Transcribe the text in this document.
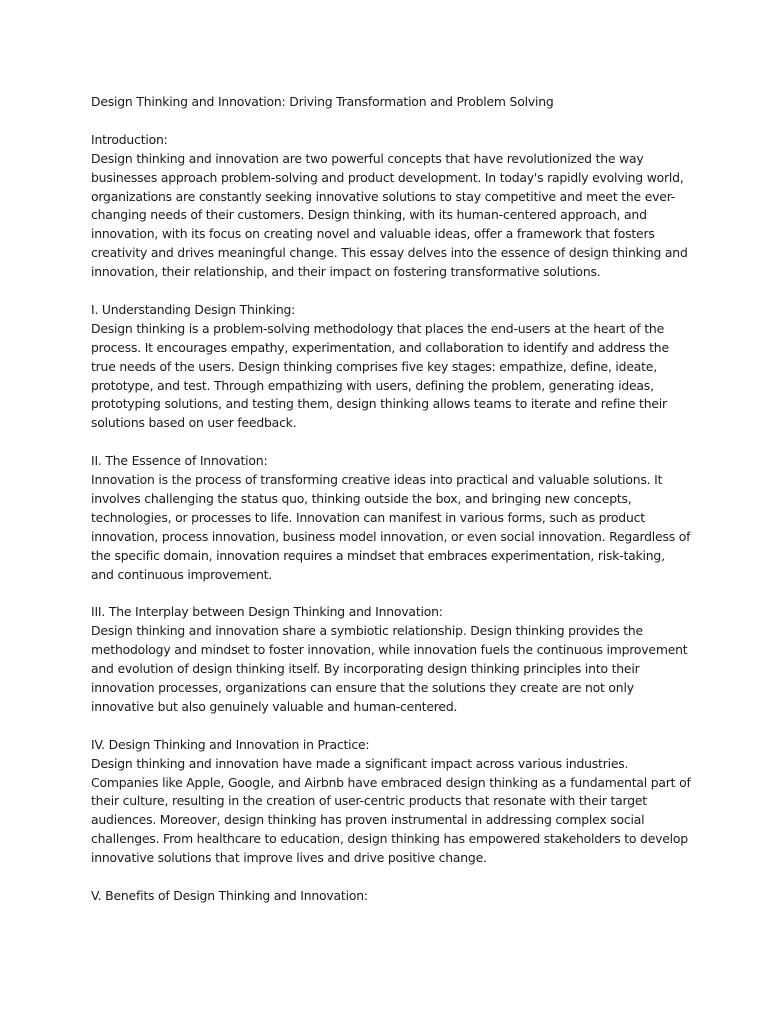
Design Thinking and Innovation: Driving Transformation and Problem Solving
Introduction:
Design thinking and innovation are two powerful concepts that have revolutionized the way businesses approach problem-solving and product development. In today's rapidly evolving world, organizations are constantly seeking innovative solutions to stay competitive and meet the ever-changing needs of their customers. Design thinking, with its human-centered approach, and innovation, with its focus on creating novel and valuable ideas, offer a framework that fosters creativity and drives meaningful change. This essay delves into the essence of design thinking and innovation, their relationship, and their impact on fostering transformative solutions.
I. Understanding Design Thinking:
Design thinking is a problem-solving methodology that places the end-users at the heart of the process. It encourages empathy, experimentation, and collaboration to identify and address the true needs of the users. Design thinking comprises five key stages: empathize, define, ideate, prototype, and test. Through empathizing with users, defining the problem, generating ideas, prototyping solutions, and testing them, design thinking allows teams to iterate and refine their solutions based on user feedback.
II. The Essence of Innovation:
Innovation is the process of transforming creative ideas into practical and valuable solutions. It involves challenging the status quo, thinking outside the box, and bringing new concepts, technologies, or processes to life. Innovation can manifest in various forms, such as product innovation, process innovation, business model innovation, or even social innovation. Regardless of the specific domain, innovation requires a mindset that embraces experimentation, risk-taking, and continuous improvement.
III. The Interplay between Design Thinking and Innovation:
Design thinking and innovation share a symbiotic relationship. Design thinking provides the methodology and mindset to foster innovation, while innovation fuels the continuous improvement and evolution of design thinking itself. By incorporating design thinking principles into their innovation processes, organizations can ensure that the solutions they create are not only innovative but also genuinely valuable and human-centered.
IV. Design Thinking and Innovation in Practice:
Design thinking and innovation have made a significant impact across various industries. Companies like Apple, Google, and Airbnb have embraced design thinking as a fundamental part of their culture, resulting in the creation of user-centric products that resonate with their target audiences. Moreover, design thinking has proven instrumental in addressing complex social challenges. From healthcare to education, design thinking has empowered stakeholders to develop innovative solutions that improve lives and drive positive change.
V. Benefits of Design Thinking and Innovation:
